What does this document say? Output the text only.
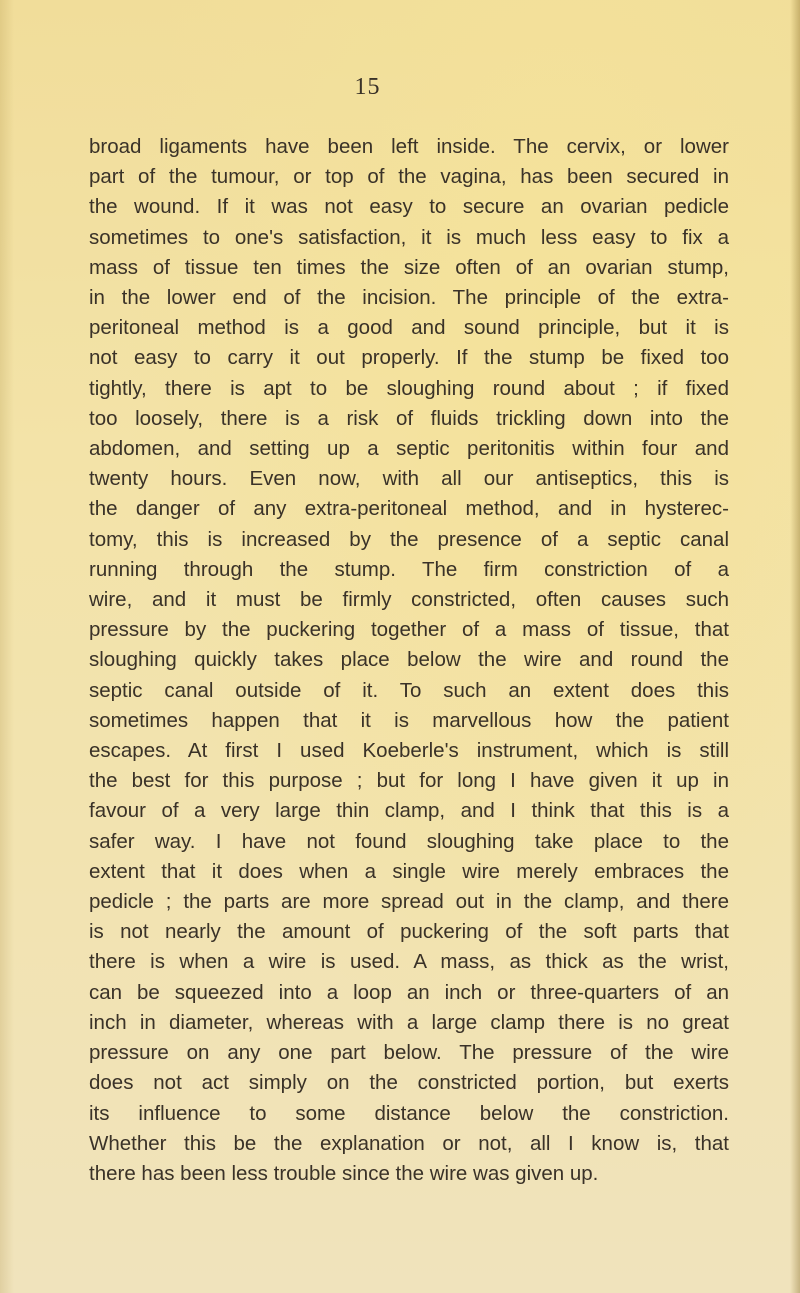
15
broad ligaments have been left inside. The cervix, or lower
part of the tumour, or top of the vagina, has been secured in
the wound. If it was not easy to secure an ovarian pedicle
sometimes to one's satisfaction, it is much less easy to fix a
mass of tissue ten times the size often of an ovarian stump,
in the lower end of the incision. The principle of the extra-
peritoneal method is a good and sound principle, but it is
not easy to carry it out properly. If the stump be fixed too
tightly, there is apt to be sloughing round about ; if fixed
too loosely, there is a risk of fluids trickling down into the
abdomen, and setting up a septic peritonitis within four and
twenty hours. Even now, with all our antiseptics, this is
the danger of any extra-peritoneal method, and in hysterec-
tomy, this is increased by the presence of a septic canal
running through the stump. The firm constriction of a
wire, and it must be firmly constricted, often causes such
pressure by the puckering together of a mass of tissue, that
sloughing quickly takes place below the wire and round the
septic canal outside of it. To such an extent does this
sometimes happen that it is marvellous how the patient
escapes. At first I used Koeberle's instrument, which is still
the best for this purpose ; but for long I have given it up in
favour of a very large thin clamp, and I think that this is a
safer way. I have not found sloughing take place to the
extent that it does when a single wire merely embraces the
pedicle ; the parts are more spread out in the clamp, and there
is not nearly the amount of puckering of the soft parts that
there is when a wire is used. A mass, as thick as the wrist,
can be squeezed into a loop an inch or three-quarters of an
inch in diameter, whereas with a large clamp there is no great
pressure on any one part below. The pressure of the wire
does not act simply on the constricted portion, but exerts
its influence to some distance below the constriction.
Whether this be the explanation or not, all I know is, that
there has been less trouble since the wire was given up.
